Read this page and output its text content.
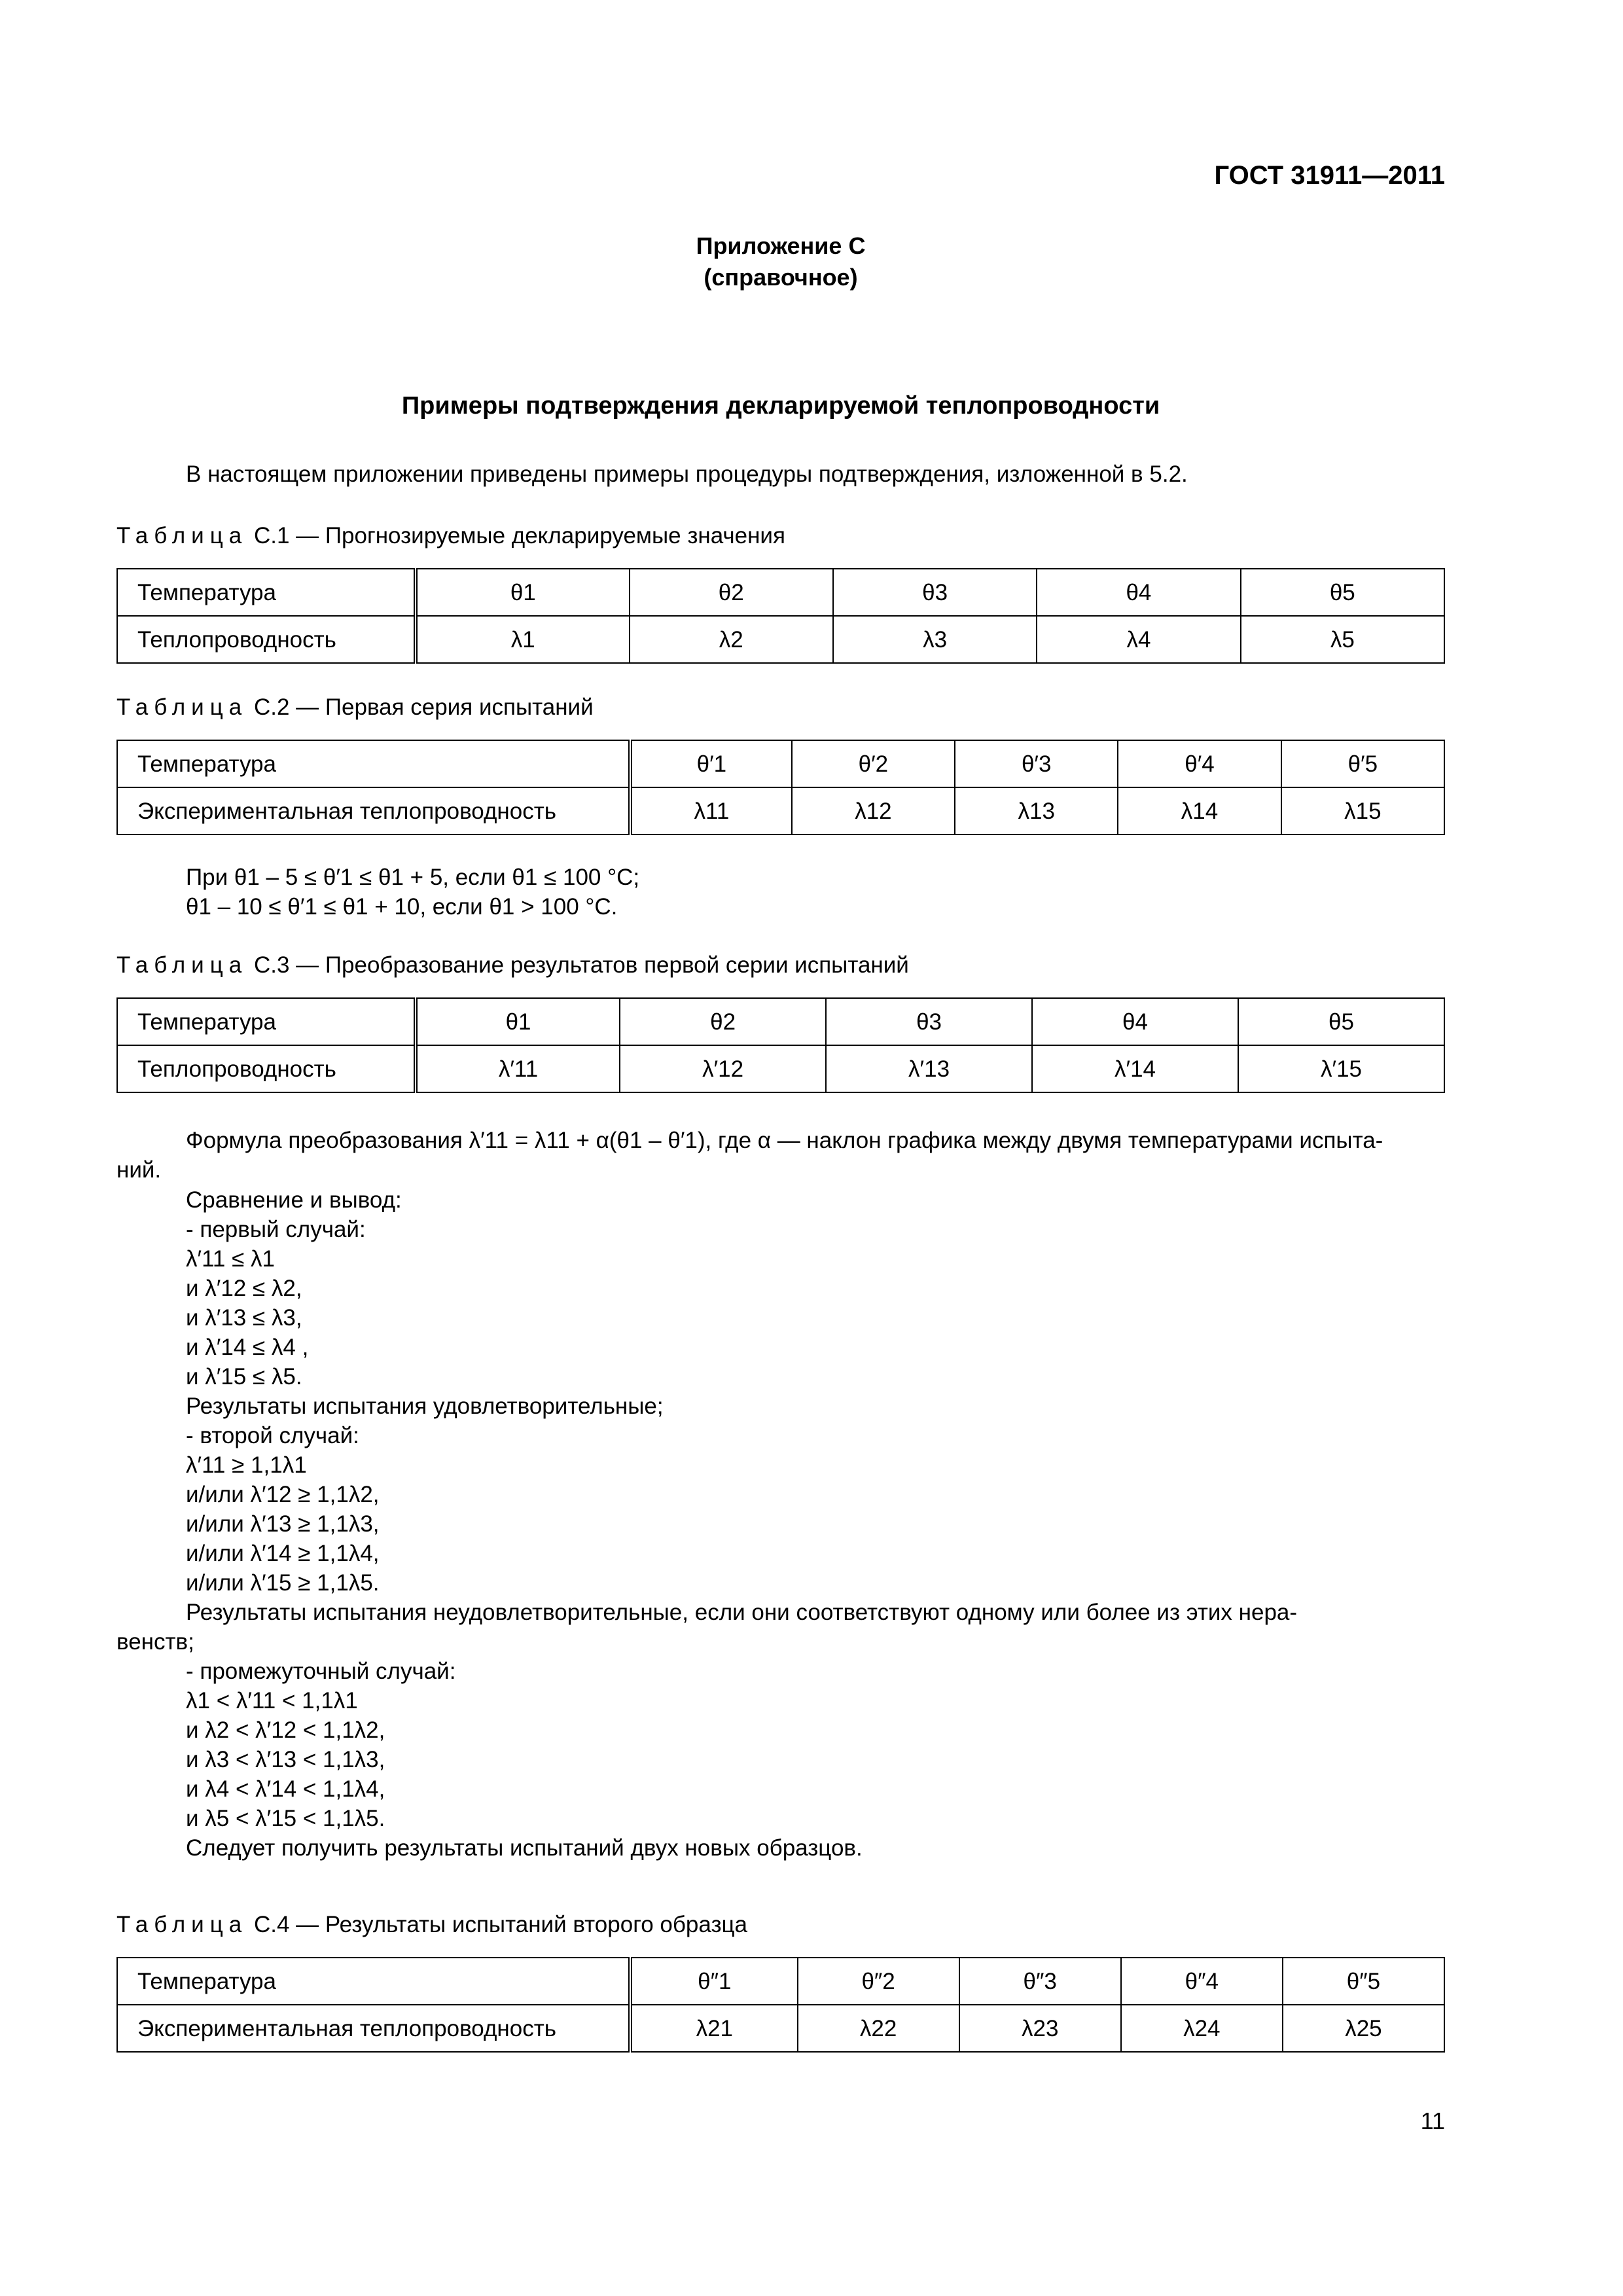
ГОСТ 31911—2011
Приложение С
(справочное)
Примеры подтверждения декларируемой теплопроводности
В настоящем приложении приведены примеры процедуры подтверждения, изложенной в 5.2.
Таблица С.1 — Прогнозируемые декларируемые значения
Температура	θ1	θ2	θ3	θ4	θ5
Теплопроводность	λ1	λ2	λ3	λ4	λ5
Таблица С.2 — Первая серия испытаний
Температура	θ′1	θ′2	θ′3	θ′4	θ′5
Экспериментальная теплопроводность	λ11	λ12	λ13	λ14	λ15
При θ1 – 5 ≤ θ′1 ≤ θ1 + 5, если θ1 ≤ 100 °С;
θ1 – 10 ≤ θ′1 ≤ θ1 + 10, если θ1 > 100 °С.
Таблица С.3 — Преобразование результатов первой серии испытаний
Температура	θ1	θ2	θ3	θ4	θ5
Теплопроводность	λ′11	λ′12	λ′13	λ′14	λ′15
Формула преобразования λ′11 = λ11 + α(θ1 – θ′1), где α — наклон графика между двумя температурами испыта-
ний.
Сравнение и вывод:
- первый случай:
λ′11 ≤ λ1
и λ′12 ≤ λ2,
и λ′13 ≤ λ3,
и λ′14 ≤ λ4 ,
и λ′15 ≤ λ5.
Результаты испытания удовлетворительные;
- второй случай:
λ′11 ≥ 1,1λ1
и/или λ′12 ≥ 1,1λ2,
и/или λ′13 ≥ 1,1λ3,
и/или λ′14 ≥ 1,1λ4,
и/или λ′15 ≥ 1,1λ5.
Результаты испытания неудовлетворительные, если они соответствуют одному или более из этих нера-
венств;
- промежуточный случай:
λ1 < λ′11 < 1,1λ1
и λ2 < λ′12 < 1,1λ2,
и λ3 < λ′13 < 1,1λ3,
и λ4 < λ′14 < 1,1λ4,
и λ5 < λ′15 < 1,1λ5.
Следует получить результаты испытаний двух новых образцов.
Таблица С.4 — Результаты испытаний второго образца
Температура	θ″1	θ″2	θ″3	θ″4	θ″5
Экспериментальная теплопроводность	λ21	λ22	λ23	λ24	λ25
11
